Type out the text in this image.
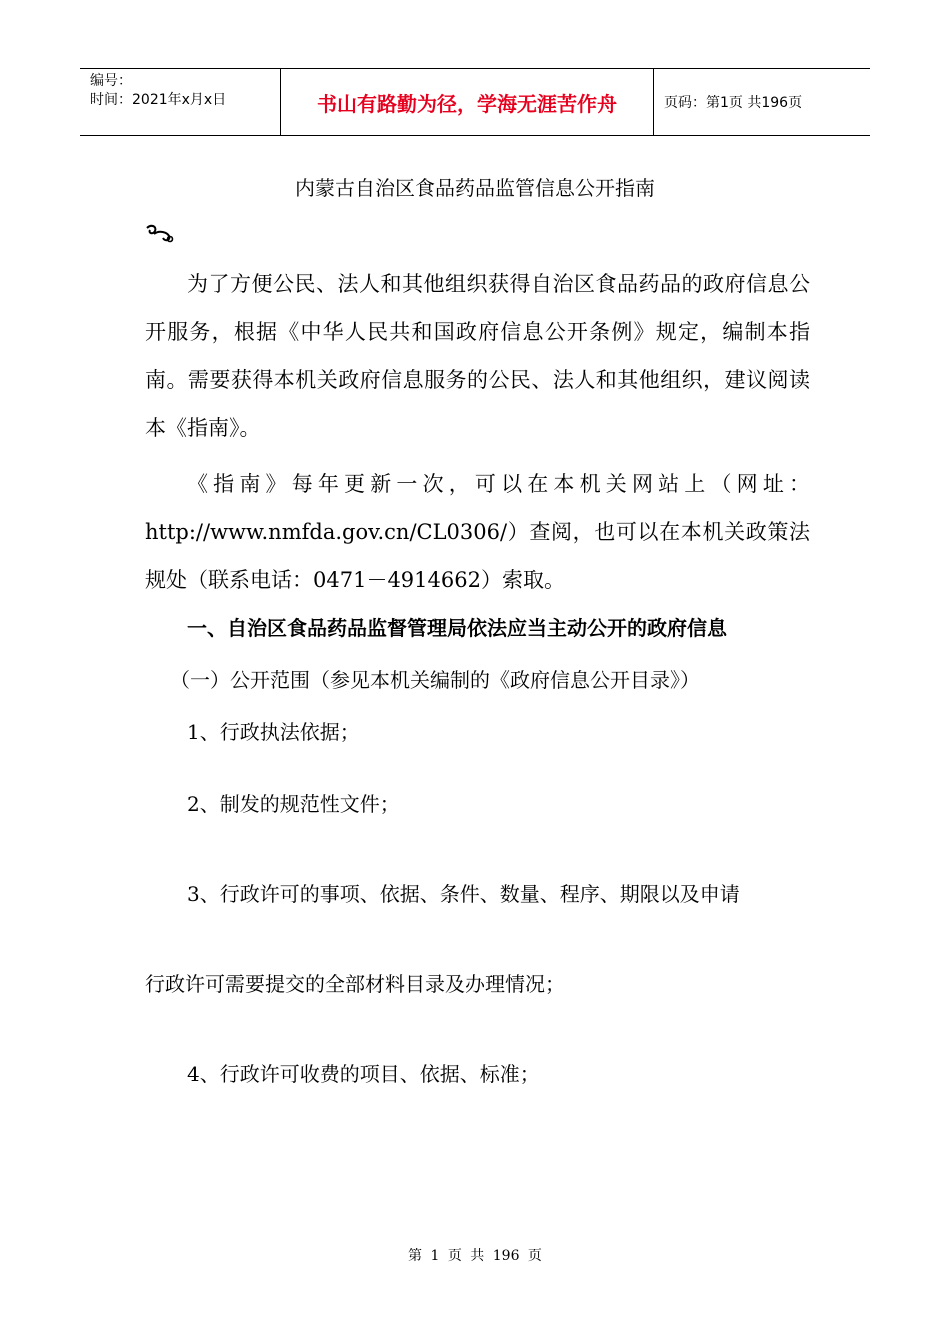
编号：
时间：2021年x月x日	书山有路勤为径，学海无涯苦作舟	页码：第1页 共196页
内蒙古自治区食品药品监管信息公开指南
为了方便公民、法人和其他组织获得自治区食品药品的政府信息公开服务，根据《中华人民共和国政府信息公开条例》规定，编制本指南。需要获得本机关政府信息服务的公民、法人和其他组织，建议阅读本《指南》。
《指南》每年更新一次，可以在本机关网站上（网址：http://www.nmfda.gov.cn/CL0306/）查阅，也可以在本机关政策法规处（联系电话：0471－4914662）索取。
一、自治区食品药品监督管理局依法应当主动公开的政府信息
（一）公开范围（参见本机关编制的《政府信息公开目录》）
1、行政执法依据；
2、制发的规范性文件；
3、行政许可的事项、依据、条件、数量、程序、期限以及申请
行政许可需要提交的全部材料目录及办理情况；
4、行政许可收费的项目、依据、标准；
第 1 页 共 196 页
